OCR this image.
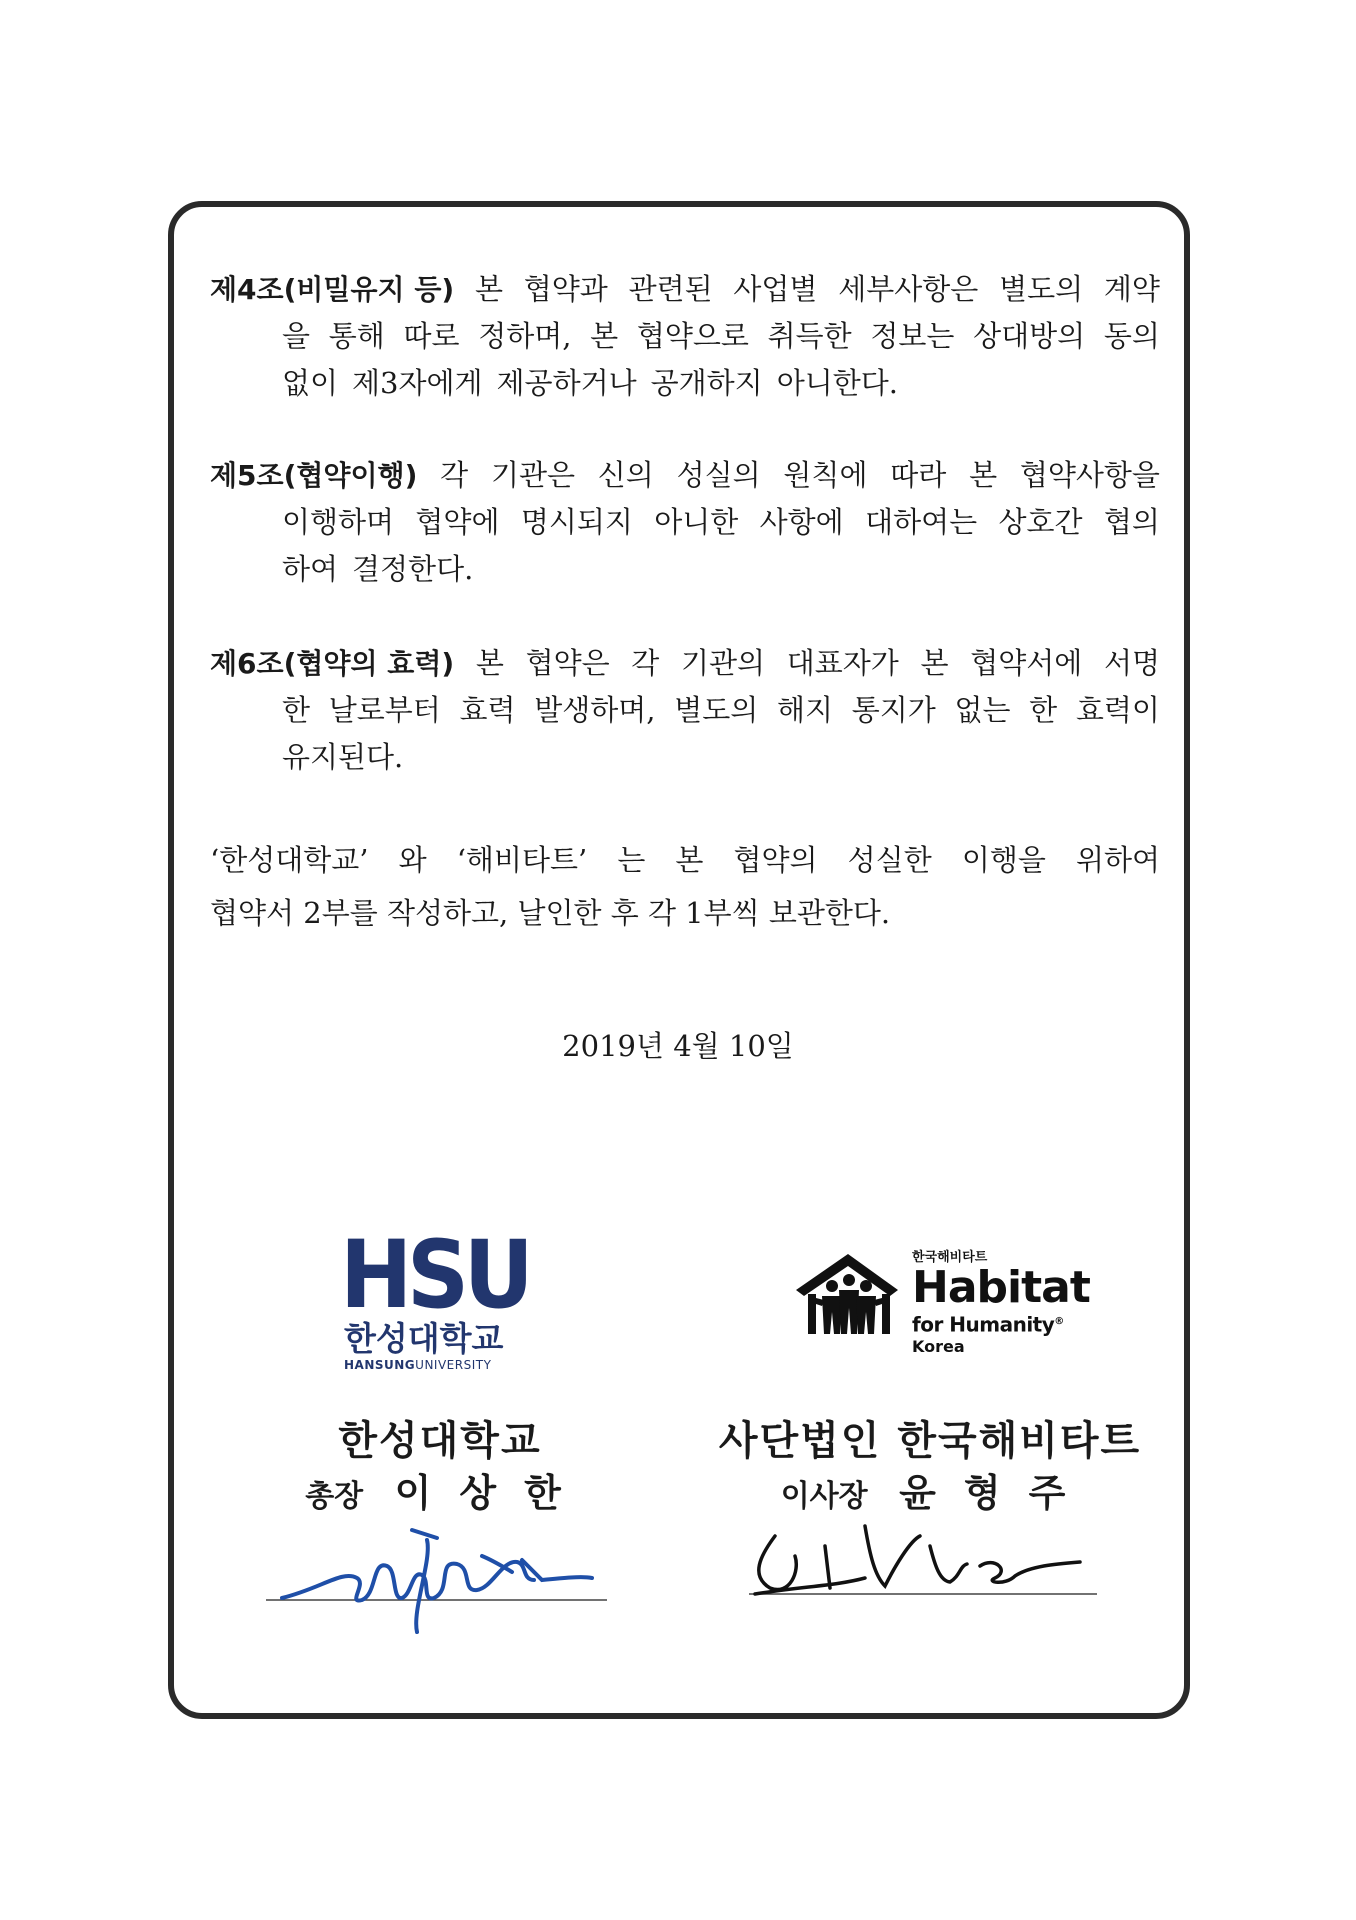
제4조(비밀유지 등) 본 협약과 관련된 사업별 세부사항은 별도의 계약
을 통해 따로 정하며, 본 협약으로 취득한 정보는 상대방의 동의
없이 제3자에게 제공하거나 공개하지 아니한다.
제5조(협약이행) 각 기관은 신의 성실의 원칙에 따라 본 협약사항을
이행하며 협약에 명시되지 아니한 사항에 대하여는 상호간 협의
하여 결정한다.
제6조(협약의 효력) 본 협약은 각 기관의 대표자가 본 협약서에 서명
한 날로부터 효력 발생하며, 별도의 해지 통지가 없는 한 효력이
유지된다.
‘한성대학교’ 와 ‘해비타트’ 는 본 협약의 성실한 이행을 위하여
협약서 2부를 작성하고, 날인한 후 각 1부씩 보관한다.
2019년 4월 10일
HSU
한성대학교
HANSUNGUNIVERSITY
한국해비타트
Habitat
for Humanity®
Korea
한성대학교
총장 이 상 한
사단법인 한국해비타트
이사장 윤 형 주
